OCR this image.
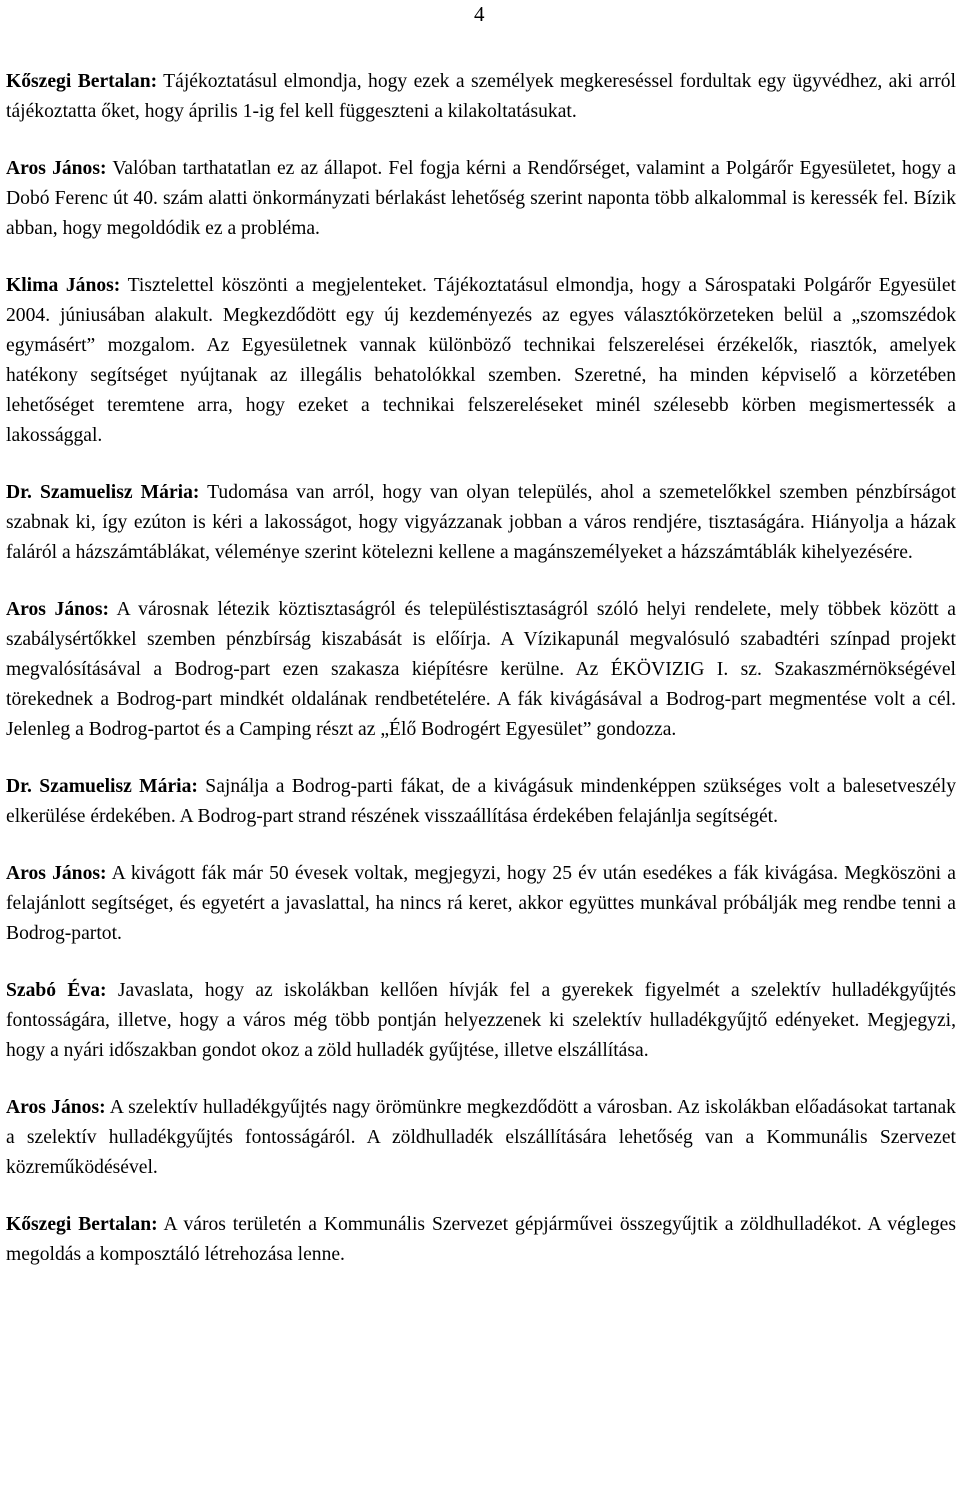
4

Kőszegi Bertalan: Tájékoztatásul elmondja, hogy ezek a személyek megkereséssel fordultak egy ügyvédhez, aki arról tájékoztatta őket, hogy április 1-ig fel kell függeszteni a kilakoltatásukat.

Aros János: Valóban tarthatatlan ez az állapot. Fel fogja kérni a Rendőrséget, valamint a Polgárőr Egyesületet, hogy a Dobó Ferenc út 40. szám alatti önkormányzati bérlakást lehetőség szerint naponta több alkalommal is keressék fel. Bízik abban, hogy megoldódik ez a probléma.

Klima János: Tisztelettel köszönti a megjelenteket. Tájékoztatásul elmondja, hogy a Sárospataki Polgárőr Egyesület 2004. júniusában alakult. Megkezdődött egy új kezdeményezés az egyes választókörzeteken belül a „szomszédok egymásért” mozgalom. Az Egyesületnek vannak különböző technikai felszerelései érzékelők, riasztók, amelyek hatékony segítséget nyújtanak az illegális behatolókkal szemben. Szeretné, ha minden képviselő a körzetében lehetőséget teremtene arra, hogy ezeket a technikai felszereléseket minél szélesebb körben megismertessék a lakossággal.

Dr. Szamuelisz Mária: Tudomása van arról, hogy van olyan település, ahol a szemetelőkkel szemben pénzbírságot szabnak ki, így ezúton is kéri a lakosságot, hogy vigyázzanak jobban a város rendjére, tisztaságára. Hiányolja a házak faláról a házszámtáblákat, véleménye szerint kötelezni kellene a magánszemélyeket a házszámtáblák kihelyezésére.

Aros János: A városnak létezik köztisztaságról és településtisztaságról szóló helyi rendelete, mely többek között a szabálysértőkkel szemben pénzbírság kiszabását is előírja. A Vízikapunál megvalósuló szabadtéri színpad projekt megvalósításával a Bodrog-part ezen szakasza kiépítésre kerülne. Az ÉKÖVIZIG I. sz. Szakaszmérnökségével törekednek a Bodrog-part mindkét oldalának rendbetételére. A fák kivágásával a Bodrog-part megmentése volt a cél. Jelenleg a Bodrog-partot és a Camping részt az „Élő Bodrogért Egyesület” gondozza.

Dr. Szamuelisz Mária: Sajnálja a Bodrog-parti fákat, de a kivágásuk mindenképpen szükséges volt a balesetveszély elkerülése érdekében. A Bodrog-part strand részének visszaállítása érdekében felajánlja segítségét.

Aros János: A kivágott fák már 50 évesek voltak, megjegyzi, hogy 25 év után esedékes a fák kivágása. Megköszöni a felajánlott segítséget, és egyetért a javaslattal, ha nincs rá keret, akkor együttes munkával próbálják meg rendbe tenni a Bodrog-partot.

Szabó Éva: Javaslata, hogy az iskolákban kellően hívják fel a gyerekek figyelmét a szelektív hulladékgyűjtés fontosságára, illetve, hogy a város még több pontján helyezzenek ki szelektív hulladékgyűjtő edényeket. Megjegyzi, hogy a nyári időszakban gondot okoz a zöld hulladék gyűjtése, illetve elszállítása.

Aros János: A szelektív hulladékgyűjtés nagy örömünkre megkezdődött a városban. Az iskolákban előadásokat tartanak a szelektív hulladékgyűjtés fontosságáról. A zöldhulladék elszállítására lehetőség van a Kommunális Szervezet közreműködésével.

Kőszegi Bertalan: A város területén a Kommunális Szervezet gépjárművei összegyűjtik a zöldhulladékot. A végleges megoldás a komposztáló létrehozása lenne.
